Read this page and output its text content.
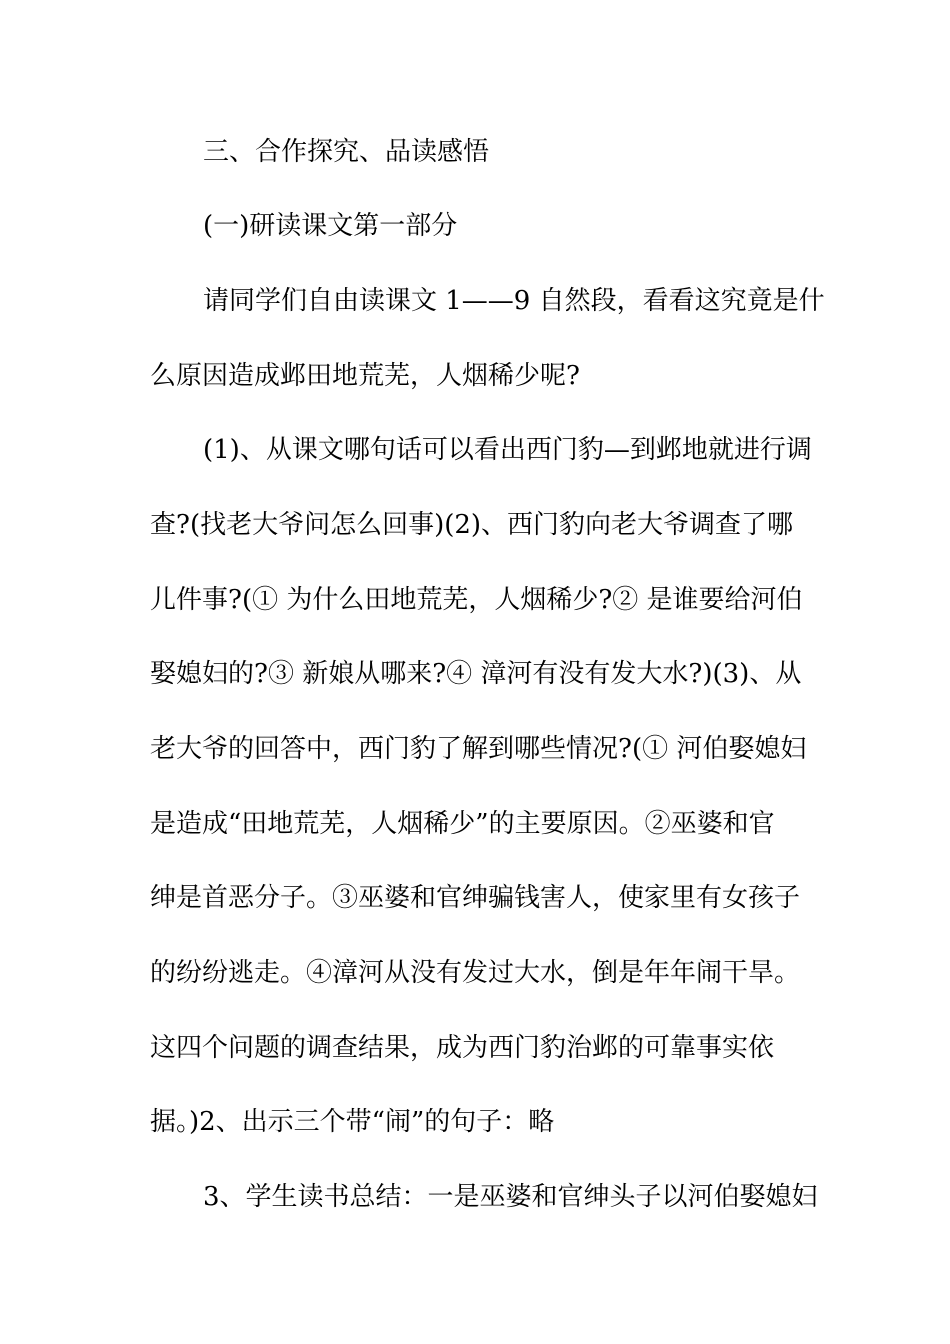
三、合作探究、品读感悟
(一)研读课文第一部分
请同学们自由读课文 1——9 自然段，看看这究竟是什
么原因造成邺田地荒芜，人烟稀少呢?
(1)、从课文哪句话可以看出西门豹—到邺地就进行调
查?(找老大爷问怎么回事)(2)、西门豹向老大爷调查了哪
儿件事?(① 为什么田地荒芜，人烟稀少?② 是谁要给河伯
娶媳妇的?③ 新娘从哪来?④ 漳河有没有发大水?)(3)、从
老大爷的回答中，西门豹了解到哪些情况?(① 河伯娶媳妇
是造成“田地荒芜，人烟稀少”的主要原因。②巫婆和官
绅是首恶分子。③巫婆和官绅骗钱害人，使家里有女孩子
的纷纷逃走。④漳河从没有发过大水，倒是年年闹干旱。
这四个问题的调查结果，成为西门豹治邺的可靠事实依
据。)2、出示三个带“闹”的句子：略
3、学生读书总结：一是巫婆和官绅头子以河伯娶媳妇
